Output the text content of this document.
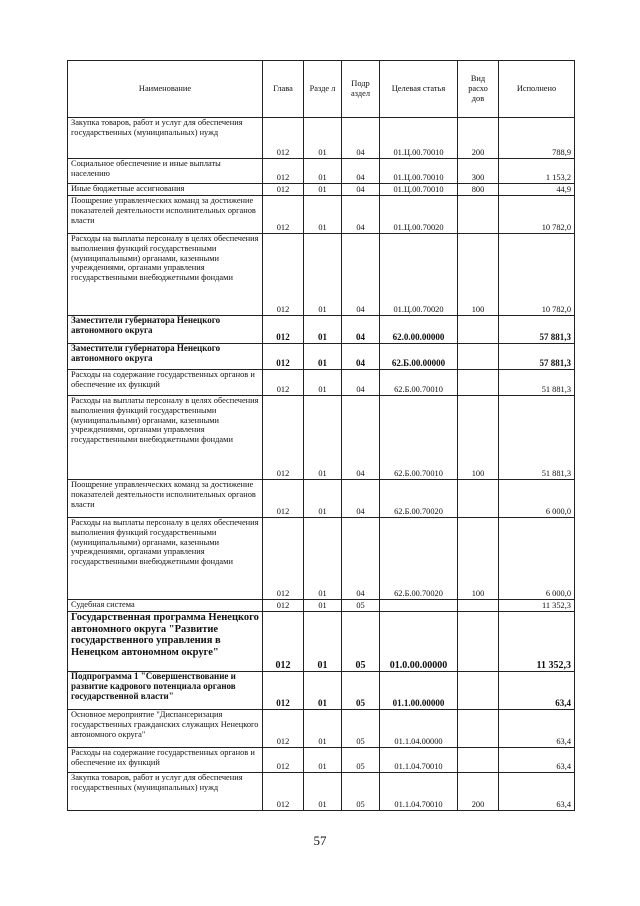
Наименование	Глава	Разде л	Подр аздел	Целевая статья	Вид расхо дов	Исполнено
Закупка товаров, работ и услуг для обеспечения государственных (муниципальных) нужд	012	01	04	01.Ц.00.70010	200	788,9
Социальное обеспечение и иные выплаты населению	012	01	04	01.Ц.00.70010	300	1 153,2
Иные бюджетные ассигнования	012	01	04	01.Ц.00.70010	800	44,9
Поощрение управленческих команд за достижение показателей деятельности исполнительных органов власти	012	01	04	01.Ц.00.70020		10 782,0
Расходы на выплаты персоналу в целях обеспечения выполнения функций государственными (муниципальными) органами, казенными учреждениями, органами управления государственными внебюджетными фондами	012	01	04	01.Ц.00.70020	100	10 782,0
Заместители губернатора Ненецкого автономного округа	012	01	04	62.0.00.00000		57 881,3
Заместители губернатора Ненецкого автономного округа	012	01	04	62.Б.00.00000		57 881,3
Расходы на содержание государственных органов и обеспечение их функций	012	01	04	62.Б.00.70010		51 881,3
Расходы на выплаты персоналу в целях обеспечения выполнения функций государственными (муниципальными) органами, казенными учреждениями, органами управления государственными внебюджетными фондами	012	01	04	62.Б.00.70010	100	51 881,3
Поощрение управленческих команд за достижение показателей деятельности исполнительных органов власти	012	01	04	62.Б.00.70020		6 000,0
Расходы на выплаты персоналу в целях обеспечения выполнения функций государственными (муниципальными) органами, казенными учреждениями, органами управления государственными внебюджетными фондами	012	01	04	62.Б.00.70020	100	6 000,0
Судебная система	012	01	05			11 352,3
Государственная программа Ненецкого автономного округа "Развитие государственного управления в Ненецком автономном округе"	012	01	05	01.0.00.00000		11 352,3
Подпрограмма 1 "Совершенствование и развитие кадрового потенциала органов государственной власти"	012	01	05	01.1.00.00000		63,4
Основное мероприятие "Диспансеризация государственных гражданских служащих Ненецкого автономного округа"	012	01	05	01.1.04.00000		63,4
Расходы на содержание государственных органов и обеспечение их функций	012	01	05	01.1.04.70010		63,4
Закупка товаров, работ и услуг для обеспечения государственных (муниципальных) нужд	012	01	05	01.1.04.70010	200	63,4
57
